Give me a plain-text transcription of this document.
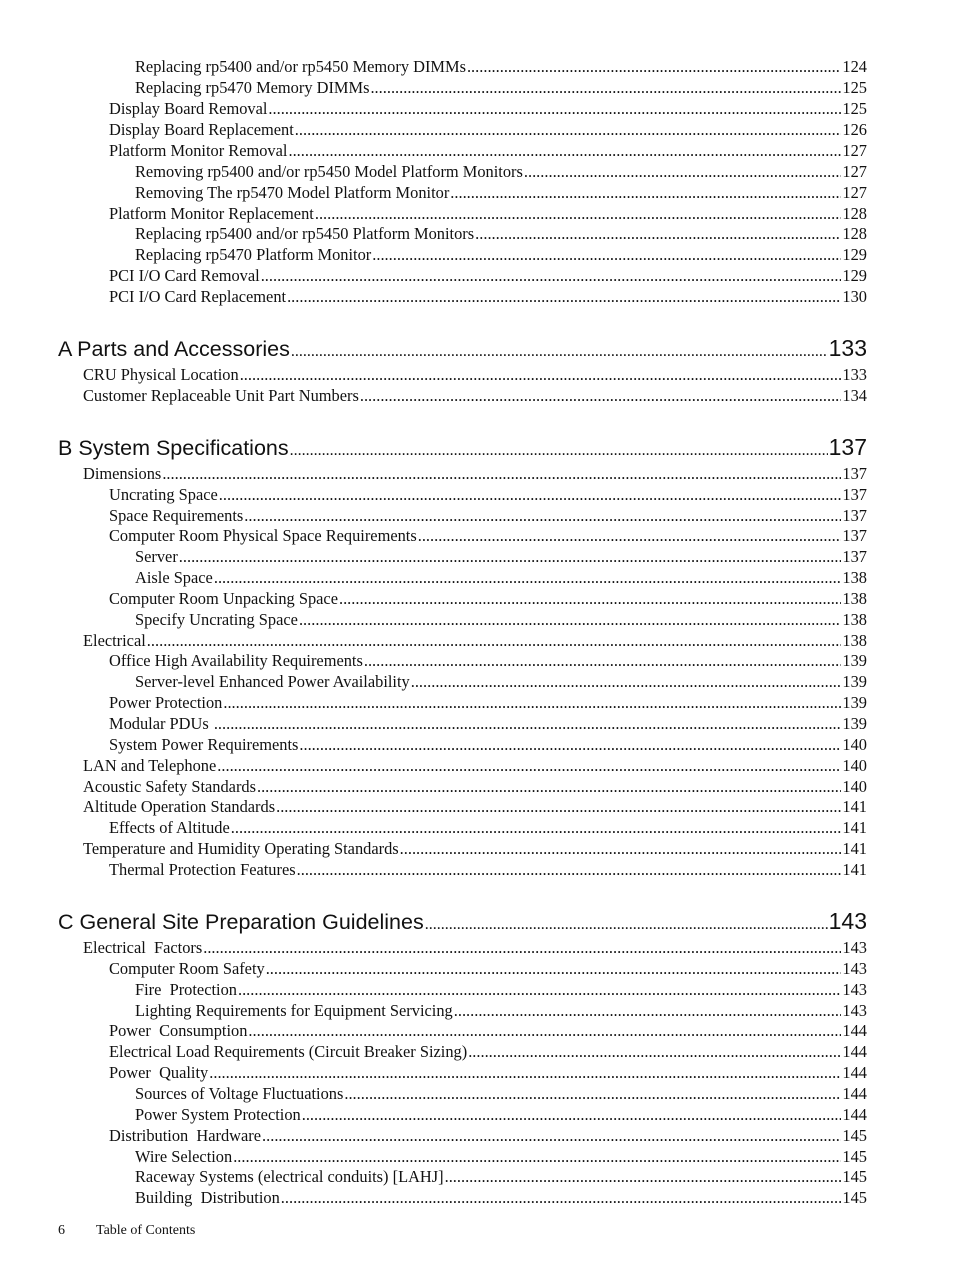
Replacing rp5400 and/or rp5450 Memory DIMMs .....	124
Replacing rp5470 Memory DIMMs .....	125
Display Board Removal .....	125
Display Board Replacement .....	126
Platform Monitor Removal .....	127
Removing rp5400 and/or rp5450 Model Platform Monitors .....	127
Removing The rp5470 Model Platform Monitor .....	127
Platform Monitor Replacement .....	128
Replacing rp5400 and/or rp5450 Platform Monitors .....	128
Replacing rp5470 Platform Monitor .....	129
PCI I/O Card Removal .....	129
PCI I/O Card Replacement .....	130
A Parts and Accessories .....	133
CRU Physical Location .....	133
Customer Replaceable Unit Part Numbers .....	134
B System Specifications .....	137
Dimensions .....	137
Uncrating Space .....	137
Space Requirements .....	137
Computer Room Physical Space Requirements .....	137
Server .....	137
Aisle Space .....	138
Computer Room Unpacking Space .....	138
Specify Uncrating Space .....	138
Electrical .....	138
Office High Availability Requirements .....	139
Server-level Enhanced Power Availability .....	139
Power Protection .....	139
Modular PDUs .....	139
System Power Requirements .....	140
LAN and Telephone .....	140
Acoustic Safety Standards .....	140
Altitude Operation Standards .....	141
Effects of Altitude .....	141
Temperature and Humidity Operating Standards .....	141
Thermal Protection Features .....	141
C General Site Preparation Guidelines .....	143
Electrical  Factors .....	143
Computer Room Safety .....	143
Fire  Protection .....	143
Lighting Requirements for Equipment Servicing .....	143
Power  Consumption .....	144
Electrical Load Requirements (Circuit Breaker Sizing) .....	144
Power  Quality .....	144
Sources of Voltage Fluctuations .....	144
Power System Protection .....	144
Distribution  Hardware .....	145
Wire Selection .....	145
Raceway Systems (electrical conduits) [LAHJ] .....	145
Building  Distribution .....	145
6 Table of Contents
